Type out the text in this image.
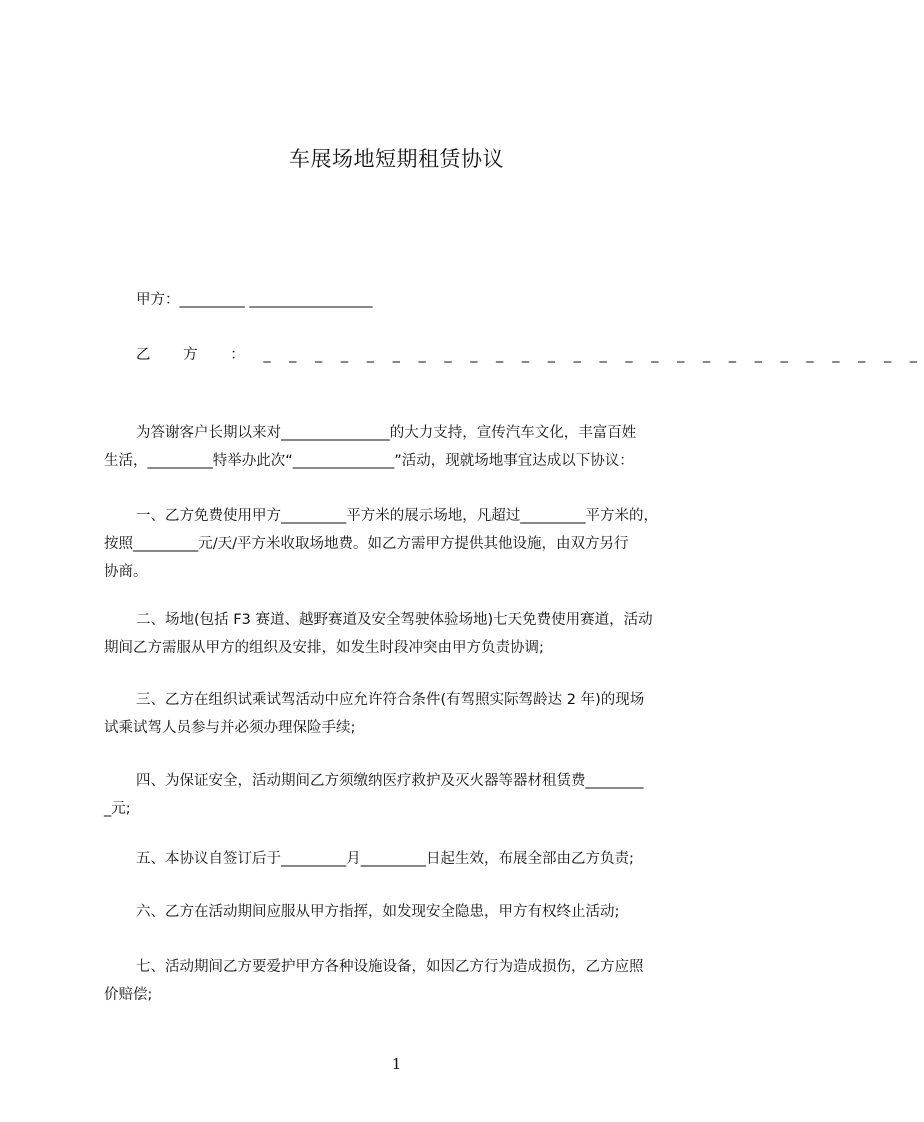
车展场地短期租赁协议
甲方：_________ _________________
乙 方 ： _ _ _ _ _ _ _ _ _ _ _ _ _ _ _ _ _ _ _ _ _ _ _ _ _ _
为答谢客户长期以来对_______________的大力支持，宣传汽车文化，丰富百姓
生活，_________特举办此次“______________”活动，现就场地事宜达成以下协议：
一、乙方免费使用甲方_________平方米的展示场地，凡超过_________平方米的，
按照_________元/天/平方米收取场地费。如乙方需甲方提供其他设施，由双方另行
协商。
二、场地(包括 F3 赛道、越野赛道及安全驾驶体验场地)七天免费使用赛道，活动
期间乙方需服从甲方的组织及安排，如发生时段冲突由甲方负责协调;
三、乙方在组织试乘试驾活动中应允许符合条件(有驾照实际驾龄达 2 年)的现场
试乘试驾人员参与并必须办理保险手续;
四、为保证安全，活动期间乙方须缴纳医疗救护及灭火器等器材租赁费________
_元;
五、本协议自签订后于_________月_________日起生效，布展全部由乙方负责;
六、乙方在活动期间应服从甲方指挥，如发现安全隐患，甲方有权终止活动;
七、活动期间乙方要爱护甲方各种设施设备，如因乙方行为造成损伤，乙方应照
价赔偿;
1
